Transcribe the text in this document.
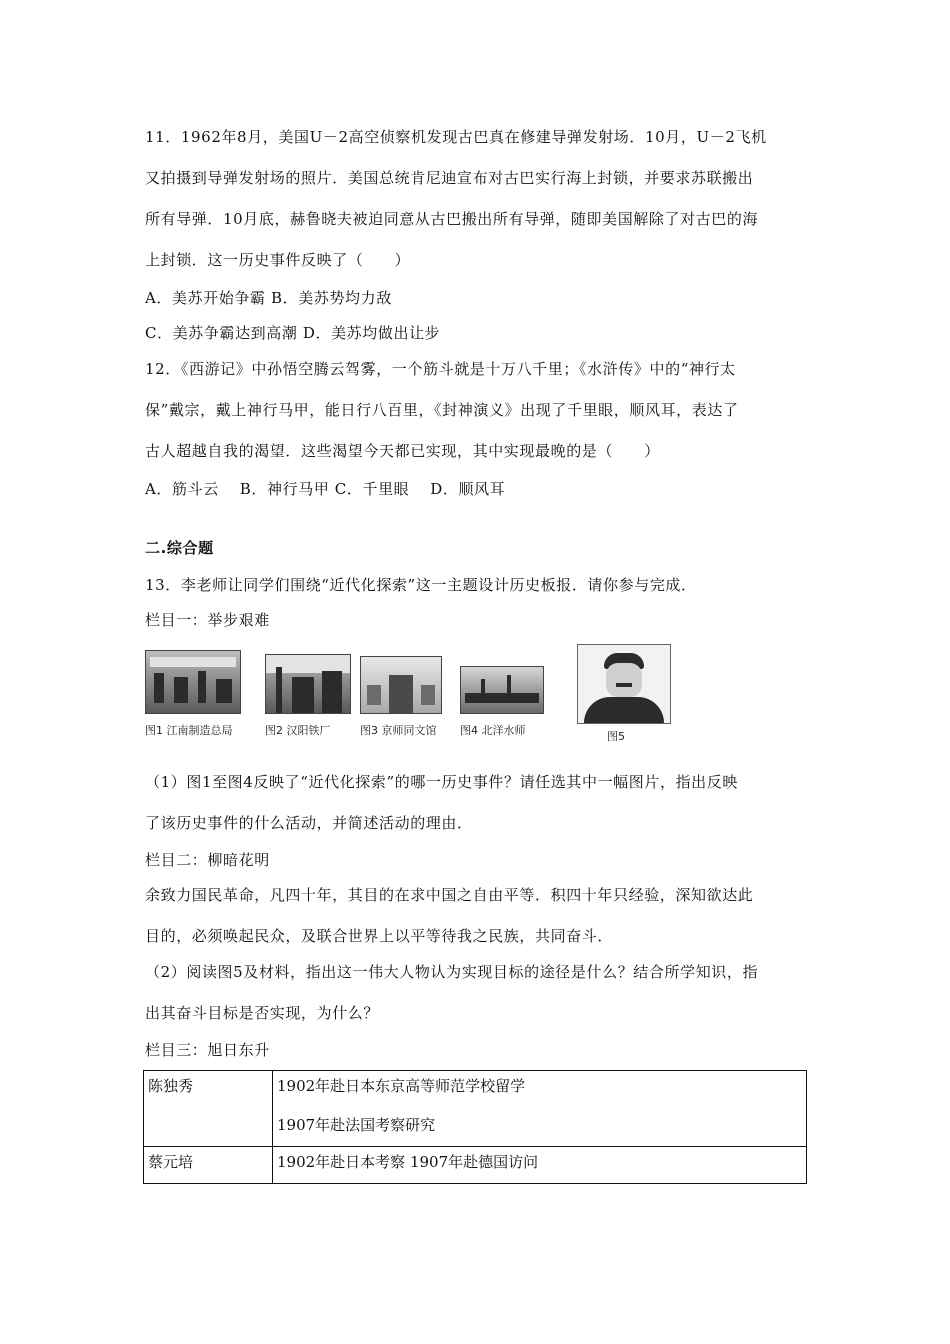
11．1962年8月，美国U－2高空侦察机发现古巴真在修建导弹发射场．10月，U－2飞机
又拍摄到导弹发射场的照片．美国总统肯尼迪宣布对古巴实行海上封锁，并要求苏联搬出
所有导弹．10月底，赫鲁晓夫被迫同意从古巴搬出所有导弹，随即美国解除了对古巴的海
上封锁．这一历史事件反映了（　　）
A．美苏开始争霸 B．美苏势均力敌
C．美苏争霸达到高潮 D．美苏均做出让步
12．《西游记》中孙悟空腾云驾雾，一个筋斗就是十万八千里；《水浒传》中的“神行太
保”戴宗，戴上神行马甲，能日行八百里，《封神演义》出现了千里眼，顺风耳，表达了
古人超越自我的渴望．这些渴望今天都已实现，其中实现最晚的是（　　）
A．筋斗云　 B．神行马甲 C．千里眼　 D．顺风耳
二.综合题
13．李老师让同学们围绕“近代化探索”这一主题设计历史板报．请你参与完成．
栏目一：举步艰难
图1 江南制造总局	图2 汉阳铁厂	图3 京师同文馆 图4 北洋水师	图5
（1）图1至图4反映了“近代化探索”的哪一历史事件？请任选其中一幅图片，指出反映
了该历史事件的什么活动，并简述活动的理由．
栏目二：柳暗花明
余致力国民革命，凡四十年，其目的在求中国之自由平等．积四十年只经验，深知欲达此
目的，必须唤起民众，及联合世界上以平等待我之民族，共同奋斗．
（2）阅读图5及材料，指出这一伟大人物认为实现目标的途径是什么？结合所学知识，指
出其奋斗目标是否实现，为什么？
栏目三：旭日东升
陈独秀	1902年赴日本东京高等师范学校留学
1907年赴法国考察研究

蔡元培	1902年赴日本考察 1907年赴德国访问
